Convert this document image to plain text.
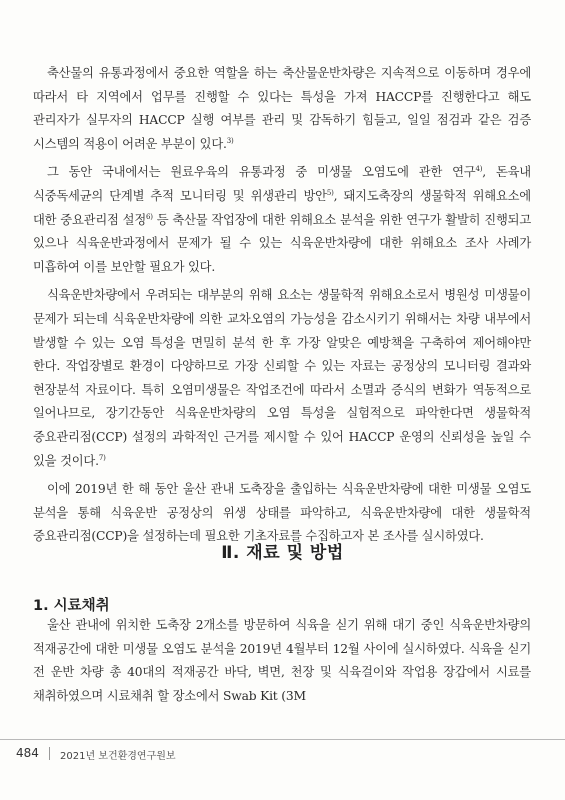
축산물의 유통과정에서 중요한 역할을 하는 축산물운반차량은 지속적으로 이동하며 경우에 따라서 타 지역에서 업무를 진행할 수 있다는 특성을 가져 HACCP를 진행한다고 해도 관리자가 실무자의 HACCP 실행 여부를 관리 및 감독하기 힘들고, 일일 점검과 같은 검증 시스템의 적용이 어려운 부분이 있다.$^{3)}$

그 동안 국내에서는 원료우육의 유통과정 중 미생물 오염도에 관한 연구$^{4)}$, 돈육내 식중독세균의 단계별 추적 모니터링 및 위생관리 방안$^{5)}$, 돼지도축장의 생물학적 위해요소에 대한 중요관리점 설정$^{6)}$ 등 축산물 작업장에 대한 위해요소 분석을 위한 연구가 활발히 진행되고 있으나 식육운반과정에서 문제가 될 수 있는 식육운반차량에 대한 위해요소 조사 사례가 미흡하여 이를 보안할 필요가 있다.

식육운반차량에서 우려되는 대부분의 위해 요소는 생물학적 위해요소로서 병원성 미생물이 문제가 되는데 식육운반차량에 의한 교차오염의 가능성을 감소시키기 위해서는 차량 내부에서 발생할 수 있는 오염 특성을 면밀히 분석 한 후 가장 알맞은 예방책을 구축하여 제어해야만 한다. 작업장별로 환경이 다양하므로 가장 신뢰할 수 있는 자료는 공정상의 모니터링 결과와 현장분석 자료이다. 특히 오염미생물은 작업조건에 따라서 소멸과 증식의 변화가 역동적으로 일어나므로, 장기간동안 식육운반차량의 오염 특성을 실험적으로 파악한다면 생물학적 중요관리점(CCP) 설정의 과학적인 근거를 제시할 수 있어 HACCP 운영의 신뢰성을 높일 수 있을 것이다.$^{7)}$

이에 2019년 한 해 동안 울산 관내 도축장을 출입하는 식육운반차량에 대한 미생물 오염도 분석을 통해 식육운반 공정상의 위생 상태를 파악하고, 식육운반차량에 대한 생물학적 중요관리점(CCP)을 설정하는데 필요한 기초자료를 수집하고자 본 조사를 실시하였다.

Ⅱ. 재료 및 방법
1. 시료채취

울산 관내에 위치한 도축장 2개소를 방문하여 식육을 싣기 위해 대기 중인 식육운반차량의 적재공간에 대한 미생물 오염도 분석을 2019년 4월부터 12월 사이에 실시하였다. 식육을 싣기 전 운반 차량 총 40대의 적재공간 바닥, 벽면, 천장 및 식육걸이와 작업용 장갑에서 시료를 채취하였으며 시료채취 할 장소에서 Swab Kit (3M

484 2021년 보건환경연구원보
